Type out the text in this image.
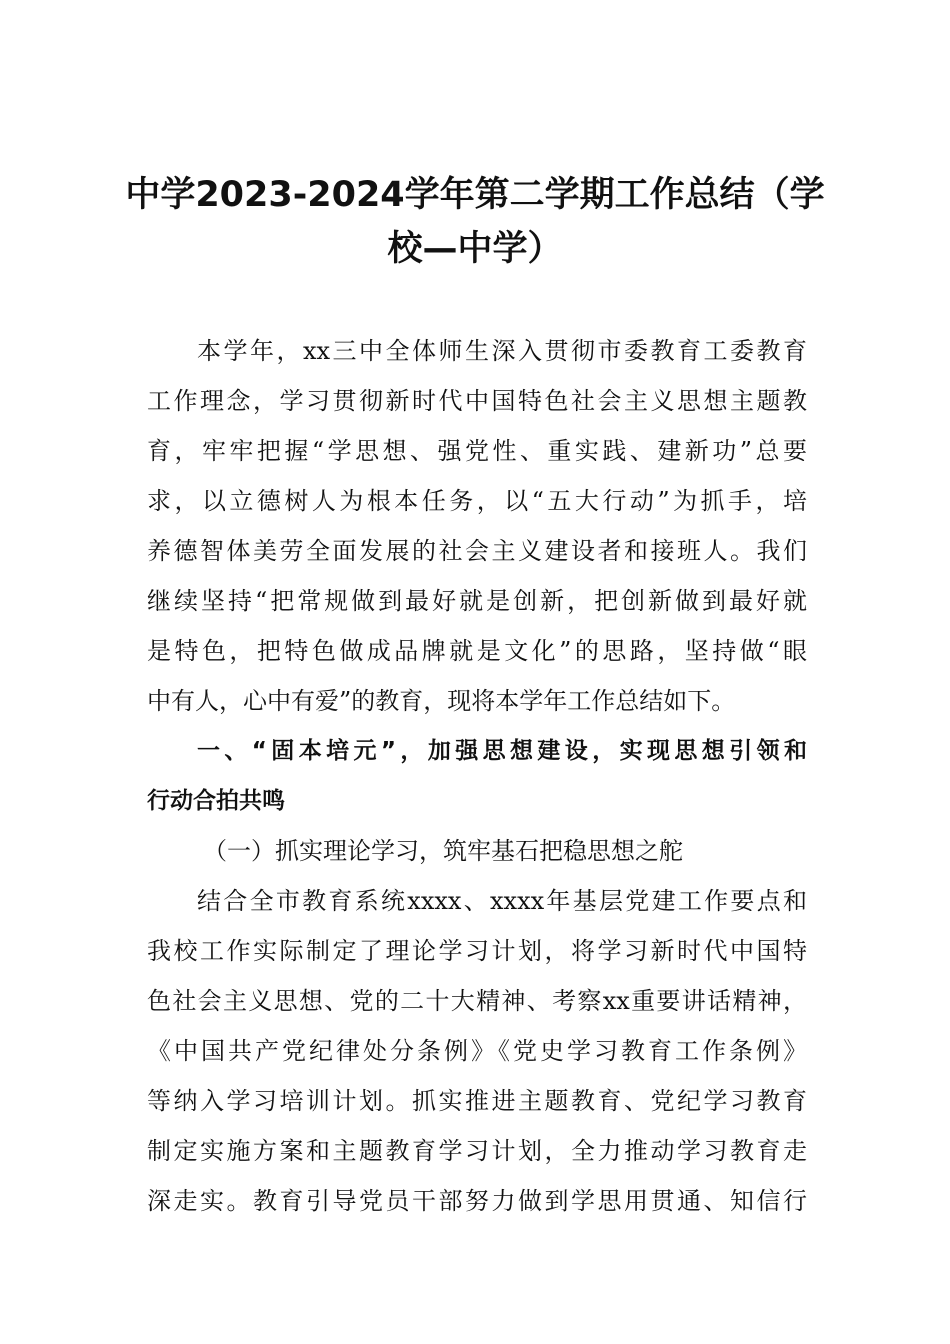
中学2023-2024学年第二学期工作总结（学
校—中学）
本学年，xx三中全体师生深入贯彻市委教育工委教育
工作理念，学习贯彻新时代中国特色社会主义思想主题教
育，牢牢把握“学思想、强党性、重实践、建新功”总要
求，以立德树人为根本任务，以“五大行动”为抓手，培
养德智体美劳全面发展的社会主义建设者和接班人。我们
继续坚持“把常规做到最好就是创新，把创新做到最好就
是特色，把特色做成品牌就是文化”的思路，坚持做“眼
中有人，心中有爱”的教育，现将本学年工作总结如下。
一、“固本培元”，加强思想建设，实现思想引领和
行动合拍共鸣
（一）抓实理论学习，筑牢基石把稳思想之舵
结合全市教育系统xxxx、xxxx年基层党建工作要点和
我校工作实际制定了理论学习计划，将学习新时代中国特
色社会主义思想、党的二十大精神、考察xx重要讲话精神，
《中国共产党纪律处分条例》《党史学习教育工作条例》
等纳入学习培训计划。抓实推进主题教育、党纪学习教育
制定实施方案和主题教育学习计划，全力推动学习教育走
深走实。教育引导党员干部努力做到学思用贯通、知信行
